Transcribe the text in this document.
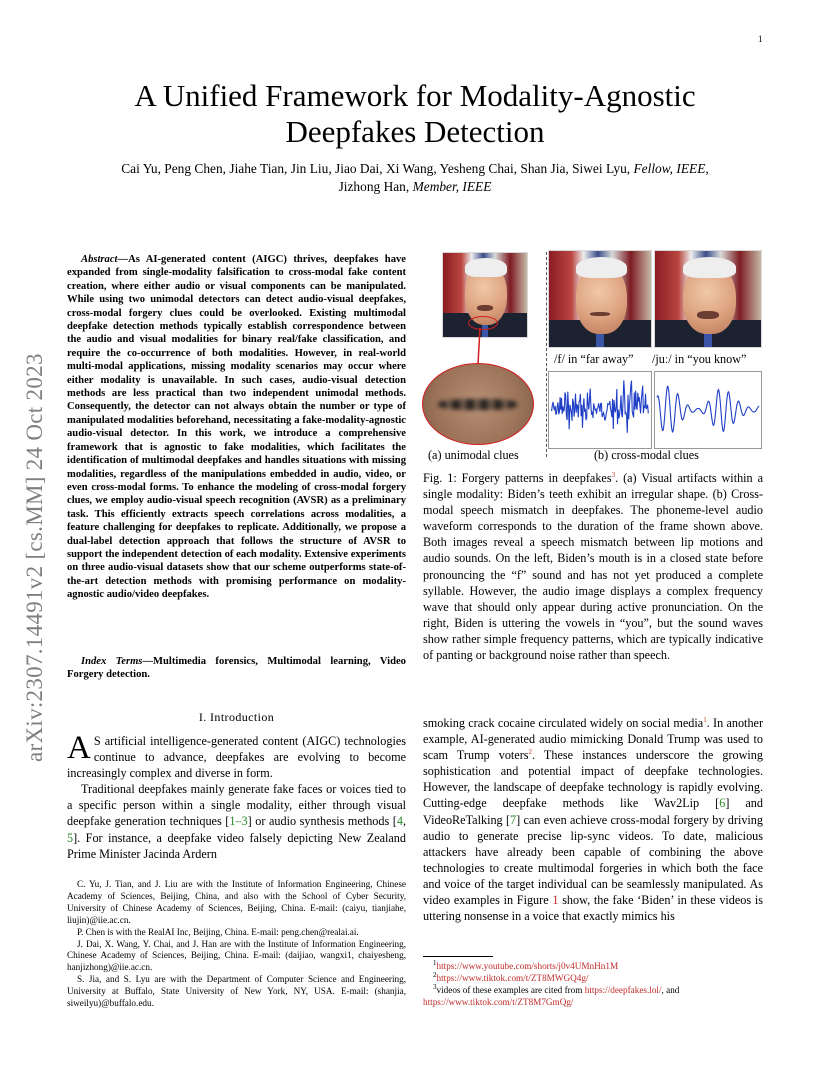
1
arXiv:2307.14491v2 [cs.MM] 24 Oct 2023
A Unified Framework for Modality-Agnostic
Deepfakes Detection
Cai Yu, Peng Chen, Jiahe Tian, Jin Liu, Jiao Dai, Xi Wang, Yesheng Chai, Shan Jia, Siwei Lyu, Fellow, IEEE,
Jizhong Han, Member, IEEE
Abstract—As AI-generated content (AIGC) thrives, deepfakes have expanded from single-modality falsification to cross-modal fake content creation, where either audio or visual components can be manipulated. While using two unimodal detectors can detect audio-visual deepfakes, cross-modal forgery clues could be overlooked. Existing multimodal deepfake detection methods typically establish correspondence between the audio and visual modalities for binary real/fake classification, and require the co-occurrence of both modalities. However, in real-world multi-modal applications, missing modality scenarios may occur where either modality is unavailable. In such cases, audio-visual detection methods are less practical than two independent unimodal methods. Consequently, the detector can not always obtain the number or type of manipulated modalities beforehand, necessitating a fake-modality-agnostic audio-visual detector. In this work, we introduce a comprehensive framework that is agnostic to fake modalities, which facilitates the identification of multimodal deepfakes and handles situations with missing modalities, regardless of the manipulations embedded in audio, video, or even cross-modal forms. To enhance the modeling of cross-modal forgery clues, we employ audio-visual speech recognition (AVSR) as a preliminary task. This efficiently extracts speech correlations across modalities, a feature challenging for deepfakes to replicate. Additionally, we propose a dual-label detection approach that follows the structure of AVSR to support the independent detection of each modality. Extensive experiments on three audio-visual datasets show that our scheme outperforms state-of-the-art detection methods with promising performance on modality-agnostic audio/video deepfakes.
Index Terms—Multimedia forensics, Multimodal learning, Video Forgery detection.
I. Introduction

A S artificial intelligence-generated content (AIGC) technologies continue to advance, deepfakes are evolving to become increasingly complex and diverse in form.

Traditional deepfakes mainly generate fake faces or voices tied to a specific person within a single modality, either through visual deepfake generation techniques [1–3] or audio synthesis methods [4, 5]. For instance, a deepfake video falsely depicting New Zealand Prime Minister Jacinda Ardern

C. Yu, J. Tian, and J. Liu are with the Institute of Information Engineering, Chinese Academy of Sciences, Beijing, China, and also with the School of Cyber Security, University of Chinese Academy of Sciences, Beijing, China. E-mail: (caiyu, tianjiahe, liujin)@iie.ac.cn.

P. Chen is with the RealAI Inc, Beijing, China. E-mail: peng.chen@realai.ai.

J. Dai, X. Wang, Y. Chai, and J. Han are with the Institute of Information Engineering, Chinese Academy of Sciences, Beijing, China. E-mail: (daijiao, wangxi1, chaiyesheng, hanjizhong)@iie.ac.cn.

S. Jia, and S. Lyu are with the Department of Computer Science and Engineering, University at Buffalo, State University of New York, NY, USA. E-mail: (shanjia, siweilyu)@buffalo.edu.

/f/ in “far away” /juː/ in “you know”
(a) unimodal clues	(b) cross-modal clues
Fig. 1: Forgery patterns in deepfakes$^3$. (a) Visual artifacts within a single modality: Biden’s teeth exhibit an irregular shape. (b) Cross-modal speech mismatch in deepfakes. The phoneme-level audio waveform corresponds to the duration of the frame shown above. Both images reveal a speech mismatch between lip motions and audio sounds. On the left, Biden’s mouth is in a closed state before pronouncing the “f” sound and has not yet produced a complete syllable. However, the audio image displays a complex frequency wave that should only appear during active pronunciation. On the right, Biden is uttering the vowels in “you”, but the sound waves show rather simple frequency patterns, which are typically indicative of panting or background noise rather than speech.
smoking crack cocaine circulated widely on social media$^1$. In another example, AI-generated audio mimicking Donald Trump was used to scam Trump voters$^2$. These instances underscore the growing sophistication and potential impact of deepfake technologies. However, the landscape of deepfake technology is rapidly evolving. Cutting-edge deepfake methods like Wav2Lip [6] and VideoReTalking [7] can even achieve cross-modal forgery by driving audio to generate precise lip-sync videos. To date, malicious attackers have already been capable of combining the above technologies to create multimodal forgeries in which both the face and voice of the target individual can be seamlessly manipulated. As video examples in Figure 1 show, the fake ‘Biden’ in these videos is uttering nonsense in a voice that exactly mimics his

$^1$https://www.youtube.com/shorts/j0v4UMnHn1M

$^2$https://www.tiktok.com/t/ZT8MWGQ4g/

$^3$videos of these examples are cited from https://deepfakes.lol/, and https://www.tiktok.com/t/ZT8M7GmQg/
